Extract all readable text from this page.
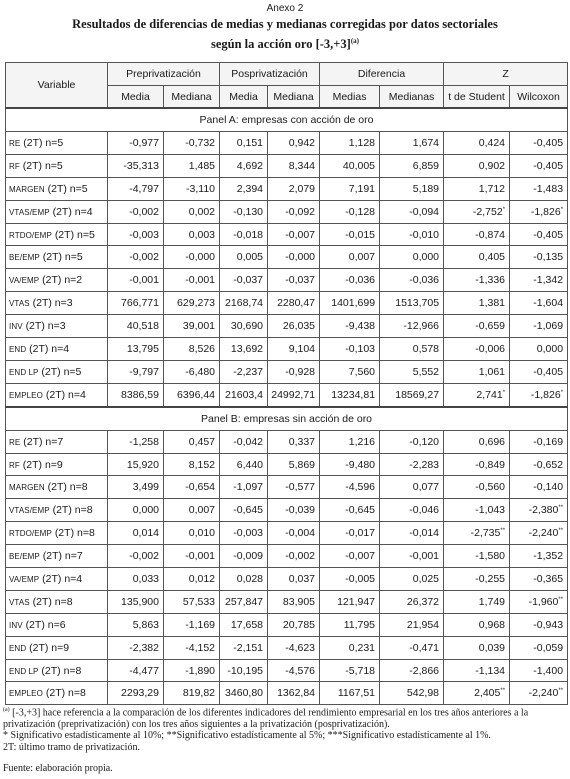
Anexo 2
Resultados de diferencias de medias y medianas corregidas por datos sectoriales
según la acción oro $[-3,+3]^{(a)}$
Variable	Preprivatización		Posprivatización		Diferencia		Z	
	Media	Mediana	Media	Mediana	Medias	Medianas	t de Student	Wilcoxon
Panel A: empresas con acción de oro								
RE (2T) n=5	-0,977	-0,732	0,151	0,942	1,128	1,674	0,424	-0,405
RF (2T) n=5	-35,313	1,485	4,692	8,344	40,005	6,859	0,902	-0,405
MARGEN (2T) n=5	-4,797	-3,110	2,394	2,079	7,191	5,189	1,712	-1,483
VTAS/EMP (2T) n=4	-0,002	0,002	-0,130	-0,092	-0,128	-0,094	-2,752*	-1,826*
RTDO/EMP (2T) n=5	-0,003	0,003	-0,018	-0,007	-0,015	-0,010	-0,874	-0,405
BE/EMP (2T) n=5	-0,002	-0,000	0,005	-0,000	0,007	0,000	0,405	-0,135
VA/EMP (2T) n=2	-0,001	-0,001	-0,037	-0,037	-0,036	-0,036	-1,336	-1,342
VTAS (2T) n=3	766,771	629,273	2168,74	2280,47	1401,699	1513,705	1,381	-1,604
INV (2T) n=3	40,518	39,001	30,690	26,035	-9,438	-12,966	-0,659	-1,069
END (2T) n=4	13,795	8,526	13,692	9,104	-0,103	0,578	-0,006	0,000
END LP (2T) n=5	-9,797	-6,480	-2,237	-0,928	7,560	5,552	1,061	-0,405
EMPLEO (2T) n=4	8386,59	6396,44	21603,4	24992,71	13234,81	18569,27	2,741*	-1,826*
Panel B: empresas sin acción de oro								
RE (2T) n=7	-1,258	0,457	-0,042	0,337	1,216	-0,120	0,696	-0,169
RF (2T) n=9	15,920	8,152	6,440	5,869	-9,480	-2,283	-0,849	-0,652
MARGEN (2T) n=8	3,499	-0,654	-1,097	-0,577	-4,596	0,077	-0,560	-0,140
VTAS/EMP (2T) n=8	0,000	0,007	-0,645	-0,039	-0,645	-0,046	-1,043	-2,380**
RTDO/EMP (2T) n=8	0,014	0,010	-0,003	-0,004	-0,017	-0,014	-2,735**	-2,240**
BE/EMP (2T) n=7	-0,002	-0,001	-0,009	-0,002	-0,007	-0,001	-1,580	-1,352
VA/EMP (2T) n=4	0,033	0,012	0,028	0,037	-0,005	0,025	-0,255	-0,365
VTAS (2T) n=8	135,900	57,533	257,847	83,905	121,947	26,372	1,749	-1,960**
INV (2T) n=6	5,863	-1,169	17,658	20,785	11,795	21,954	0,968	-0,943
END (2T) n=9	-2,382	-4,152	-2,151	-4,623	0,231	-0,471	0,039	-0,059
END LP (2T) n=8	-4,477	-1,890	-10,195	-4,576	-5,718	-2,866	-1,134	-1,400
EMPLEO (2T) n=8	2293,29	819,82	3460,80	1362,84	1167,51	542,98	2,405**	-2,240**
$^{(a)}$ [-3,+3] hace referencia a la comparación de los diferentes indicadores del rendimiento empresarial en los tres años anteriores a la privatización (preprivatización) con los tres años siguientes a la privatización (posprivatización).
* Significativo estadísticamente al 10%; **Significativo estadísticamente al 5%; ***Significativo estadísticamente al 1%.
2T: último tramo de privatización.
Fuente: elaboración propia.
